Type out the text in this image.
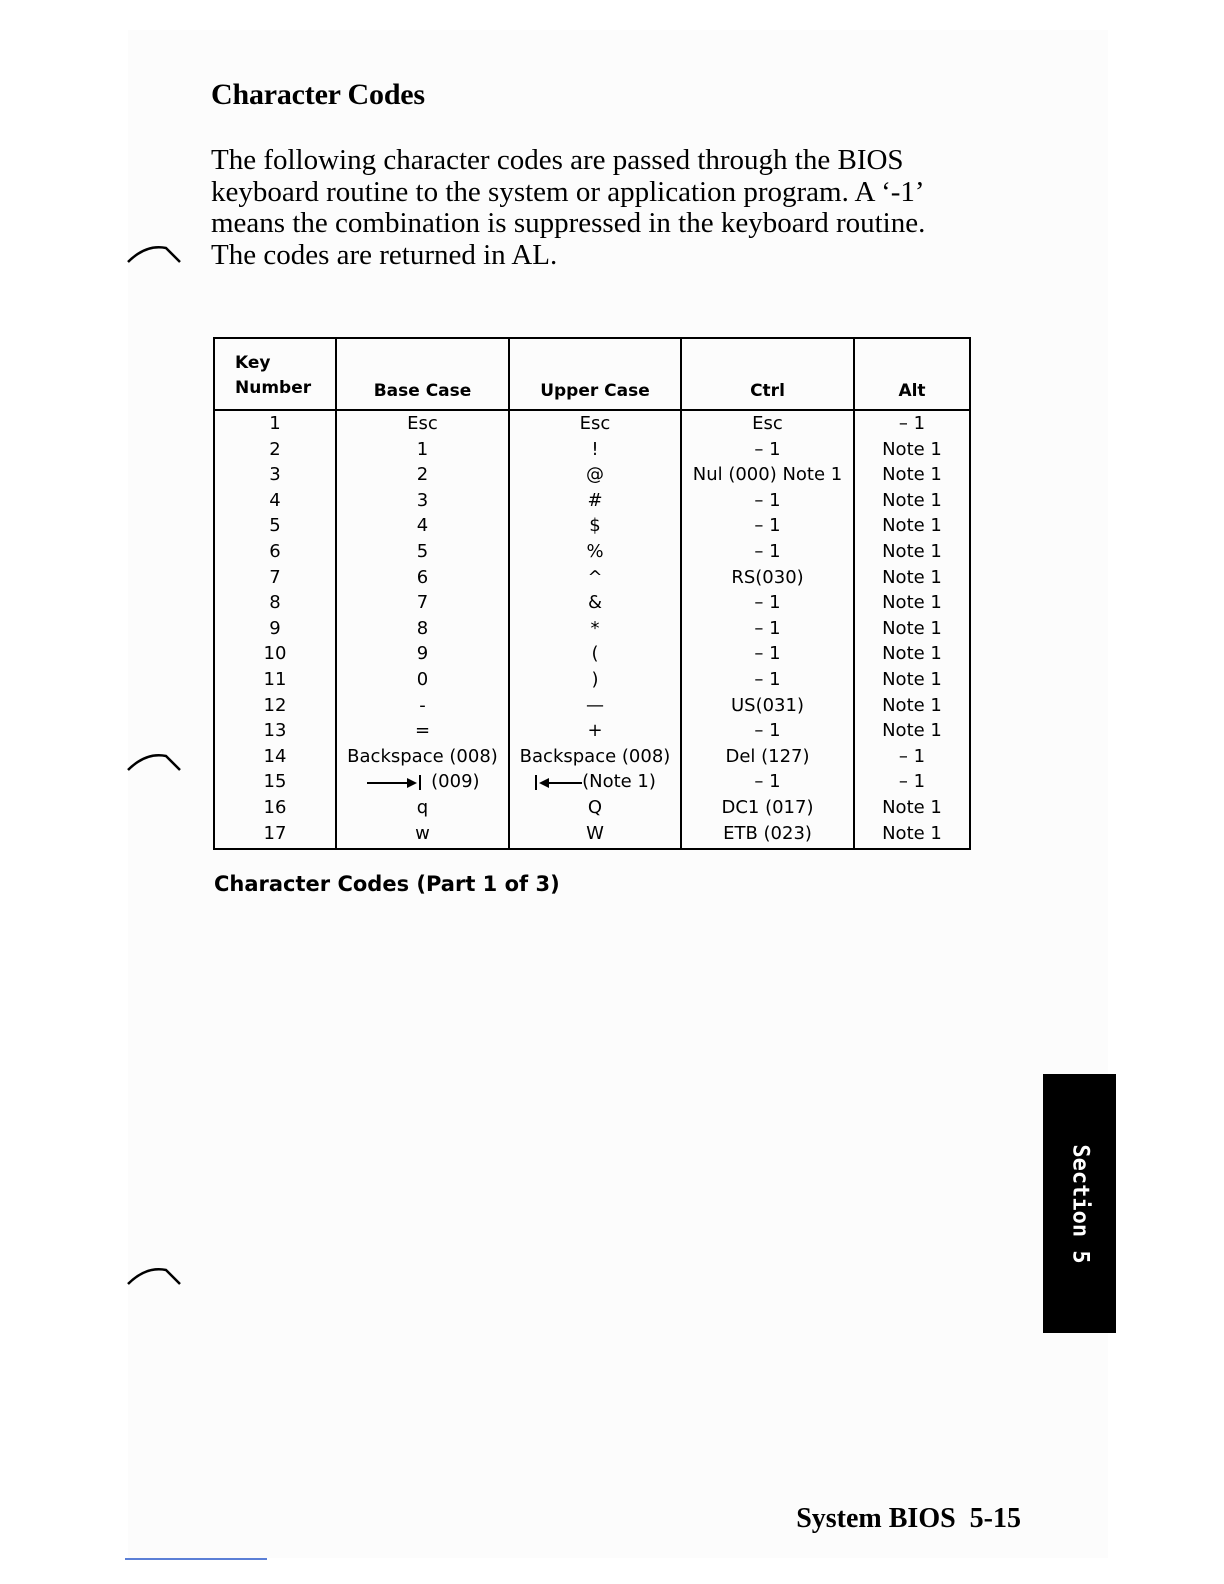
Character Codes
The following character codes are passed through the BIOS
keyboard routine to the system or application program. A ‘-1’
means the combination is suppressed in the keyboard routine.
The codes are returned in AL.
Key
Number	Base Case	Upper Case	Ctrl	Alt
1	Esc	Esc	Esc	– 1
2	1	!	– 1	Note 1
3	2	@	Nul (000) Note 1	Note 1
4	3	#	– 1	Note 1
5	4	$	– 1	Note 1
6	5	%	– 1	Note 1
7	6	^	RS(030)	Note 1
8	7	&	– 1	Note 1
9	8	*	– 1	Note 1
10	9	(	– 1	Note 1
11	0	)	– 1	Note 1
12	-	—	US(031)	Note 1
13	=	+	– 1	Note 1
14	Backspace (008)	Backspace (008)	Del (127)	– 1
15	(009)	(Note 1)	– 1	– 1
16	q	Q	DC1 (017)	Note 1
17	w	W	ETB (023)	Note 1

Character Codes (Part 1 of 3)

Section 5
System BIOS 5-15
